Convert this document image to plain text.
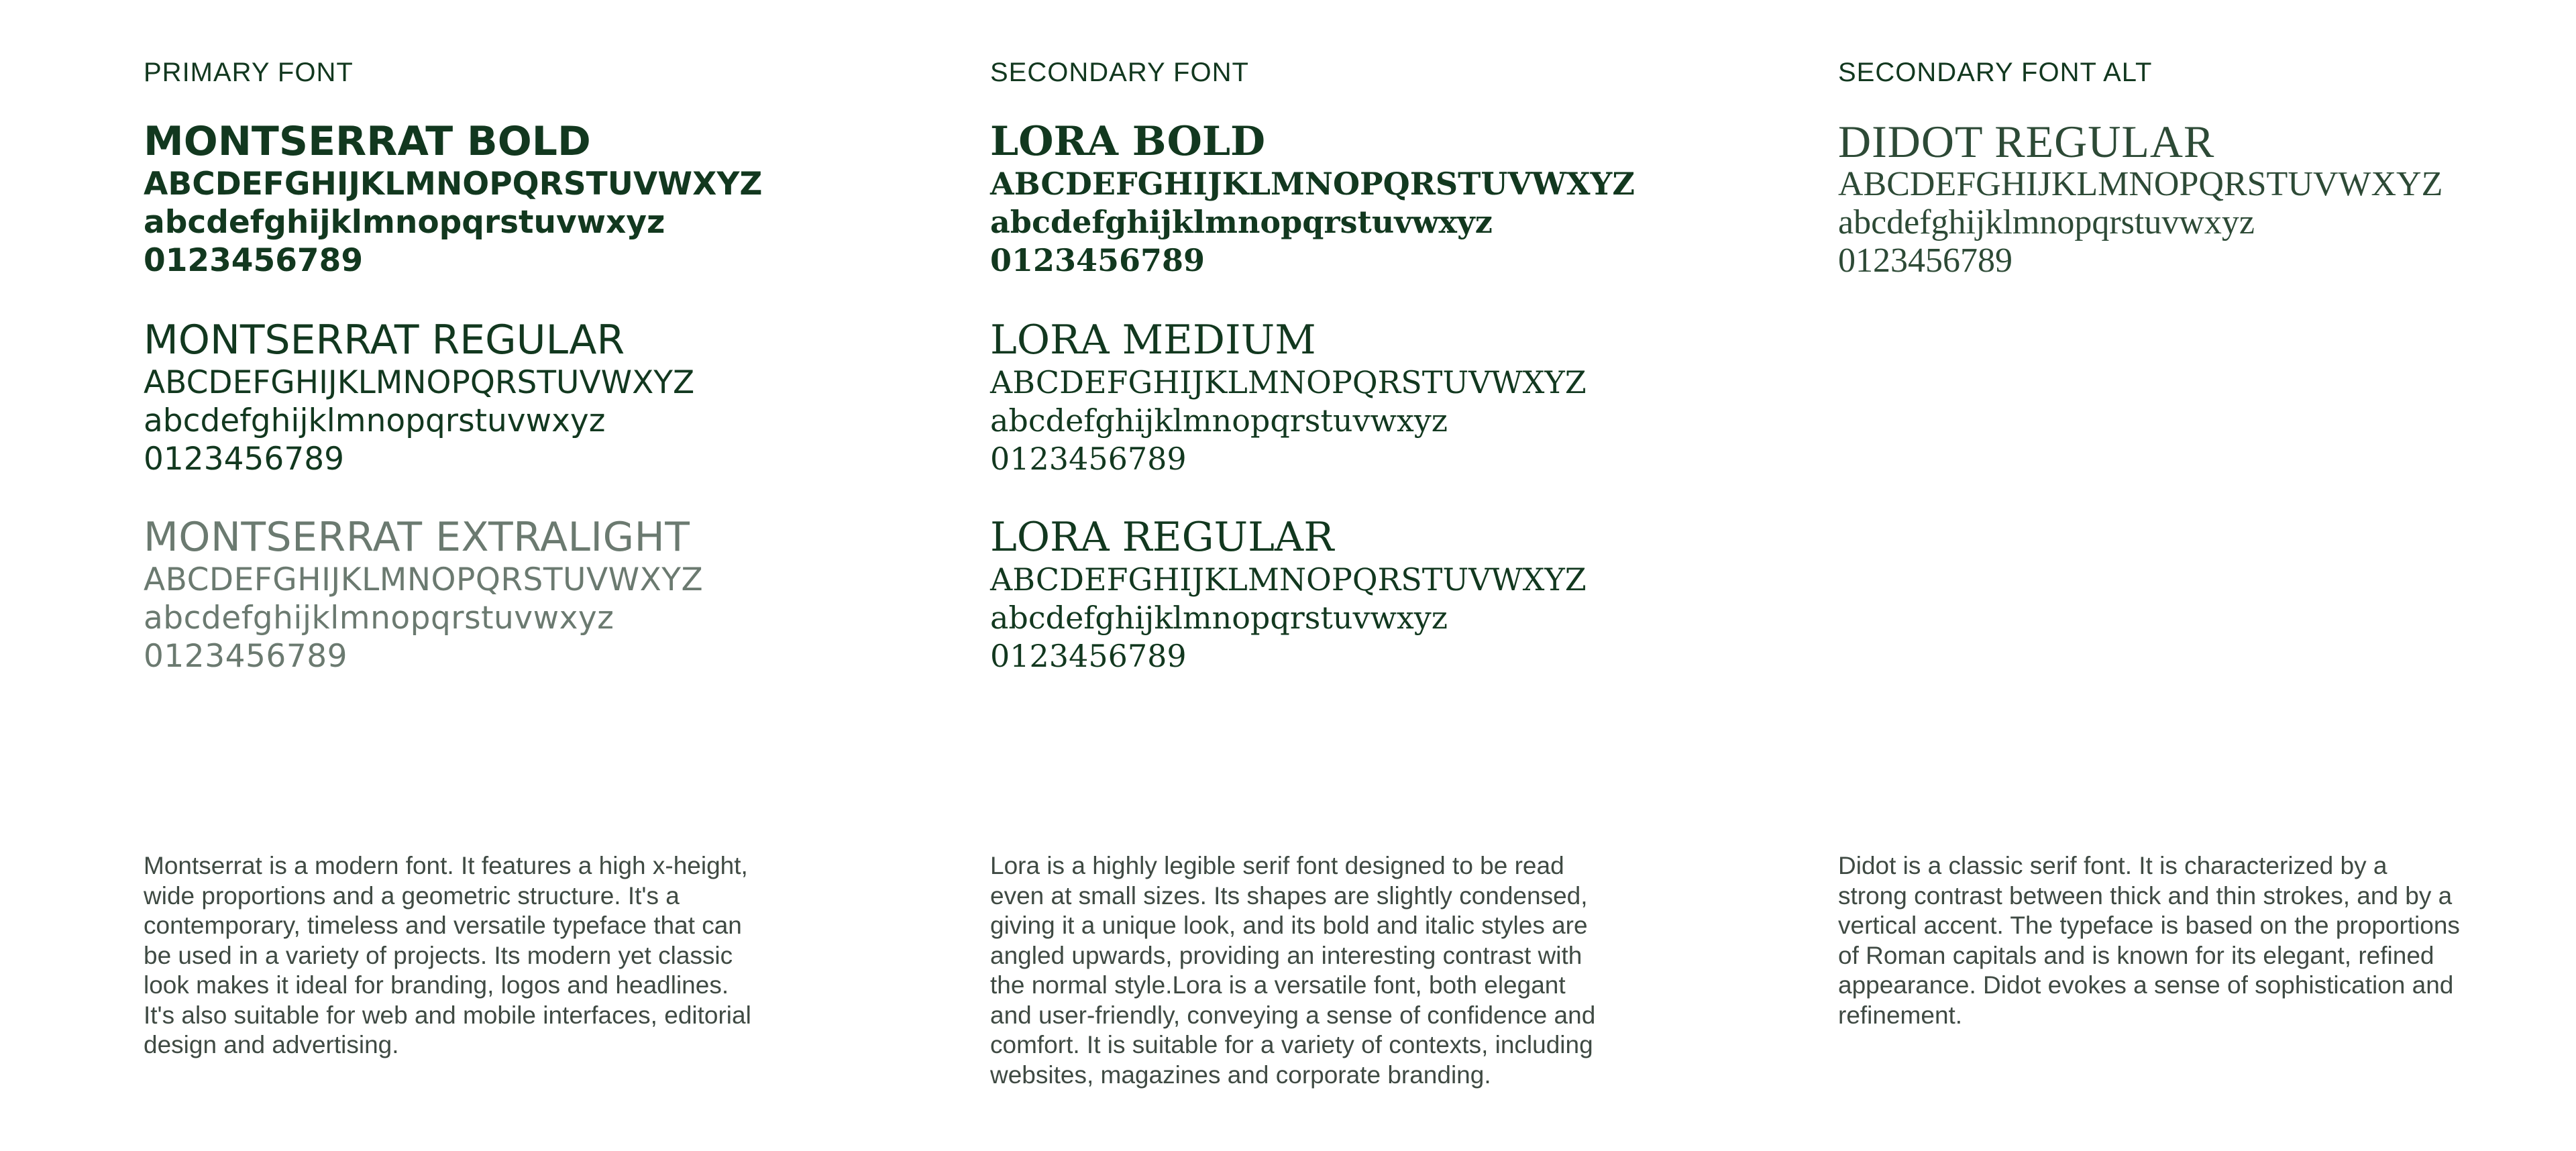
PRIMARY FONT
MONTSERRAT BOLD
ABCDEFGHIJKLMNOPQRSTUVWXYZ
abcdefghijklmnopqrstuvwxyz
0123456789
MONTSERRAT REGULAR
ABCDEFGHIJKLMNOPQRSTUVWXYZ
abcdefghijklmnopqrstuvwxyz
0123456789
MONTSERRAT EXTRALIGHT
ABCDEFGHIJKLMNOPQRSTUVWXYZ
abcdefghijklmnopqrstuvwxyz
0123456789

Montserrat is a modern font. It features a high x-height, wide proportions and a geometric structure. It's a contemporary, timeless and versatile typeface that can be used in a variety of projects. Its modern yet classic look makes it ideal for branding, logos and headlines. It's also suitable for web and mobile interfaces, editorial design and advertising.

SECONDARY FONT
LORA BOLD
ABCDEFGHIJKLMNOPQRSTUVWXYZ
abcdefghijklmnopqrstuvwxyz
0123456789
LORA MEDIUM
ABCDEFGHIJKLMNOPQRSTUVWXYZ
abcdefghijklmnopqrstuvwxyz
0123456789
LORA REGULAR
ABCDEFGHIJKLMNOPQRSTUVWXYZ
abcdefghijklmnopqrstuvwxyz
0123456789

Lora is a highly legible serif font designed to be read even at small sizes. Its shapes are slightly condensed, giving it a unique look, and its bold and italic styles are angled upwards, providing an interesting contrast with the normal style.Lora is a versatile font, both elegant and user-friendly, conveying a sense of confidence and comfort. It is suitable for a variety of contexts, including websites, magazines and corporate branding.

SECONDARY FONT ALT
DIDOT REGULAR
ABCDEFGHIJKLMNOPQRSTUVWXYZ
abcdefghijklmnopqrstuvwxyz
0123456789

Didot is a classic serif font. It is characterized by a strong contrast between thick and thin strokes, and by a vertical accent. The typeface is based on the proportions of Roman capitals and is known for its elegant, refined appearance. Didot evokes a sense of sophistication and refinement.
